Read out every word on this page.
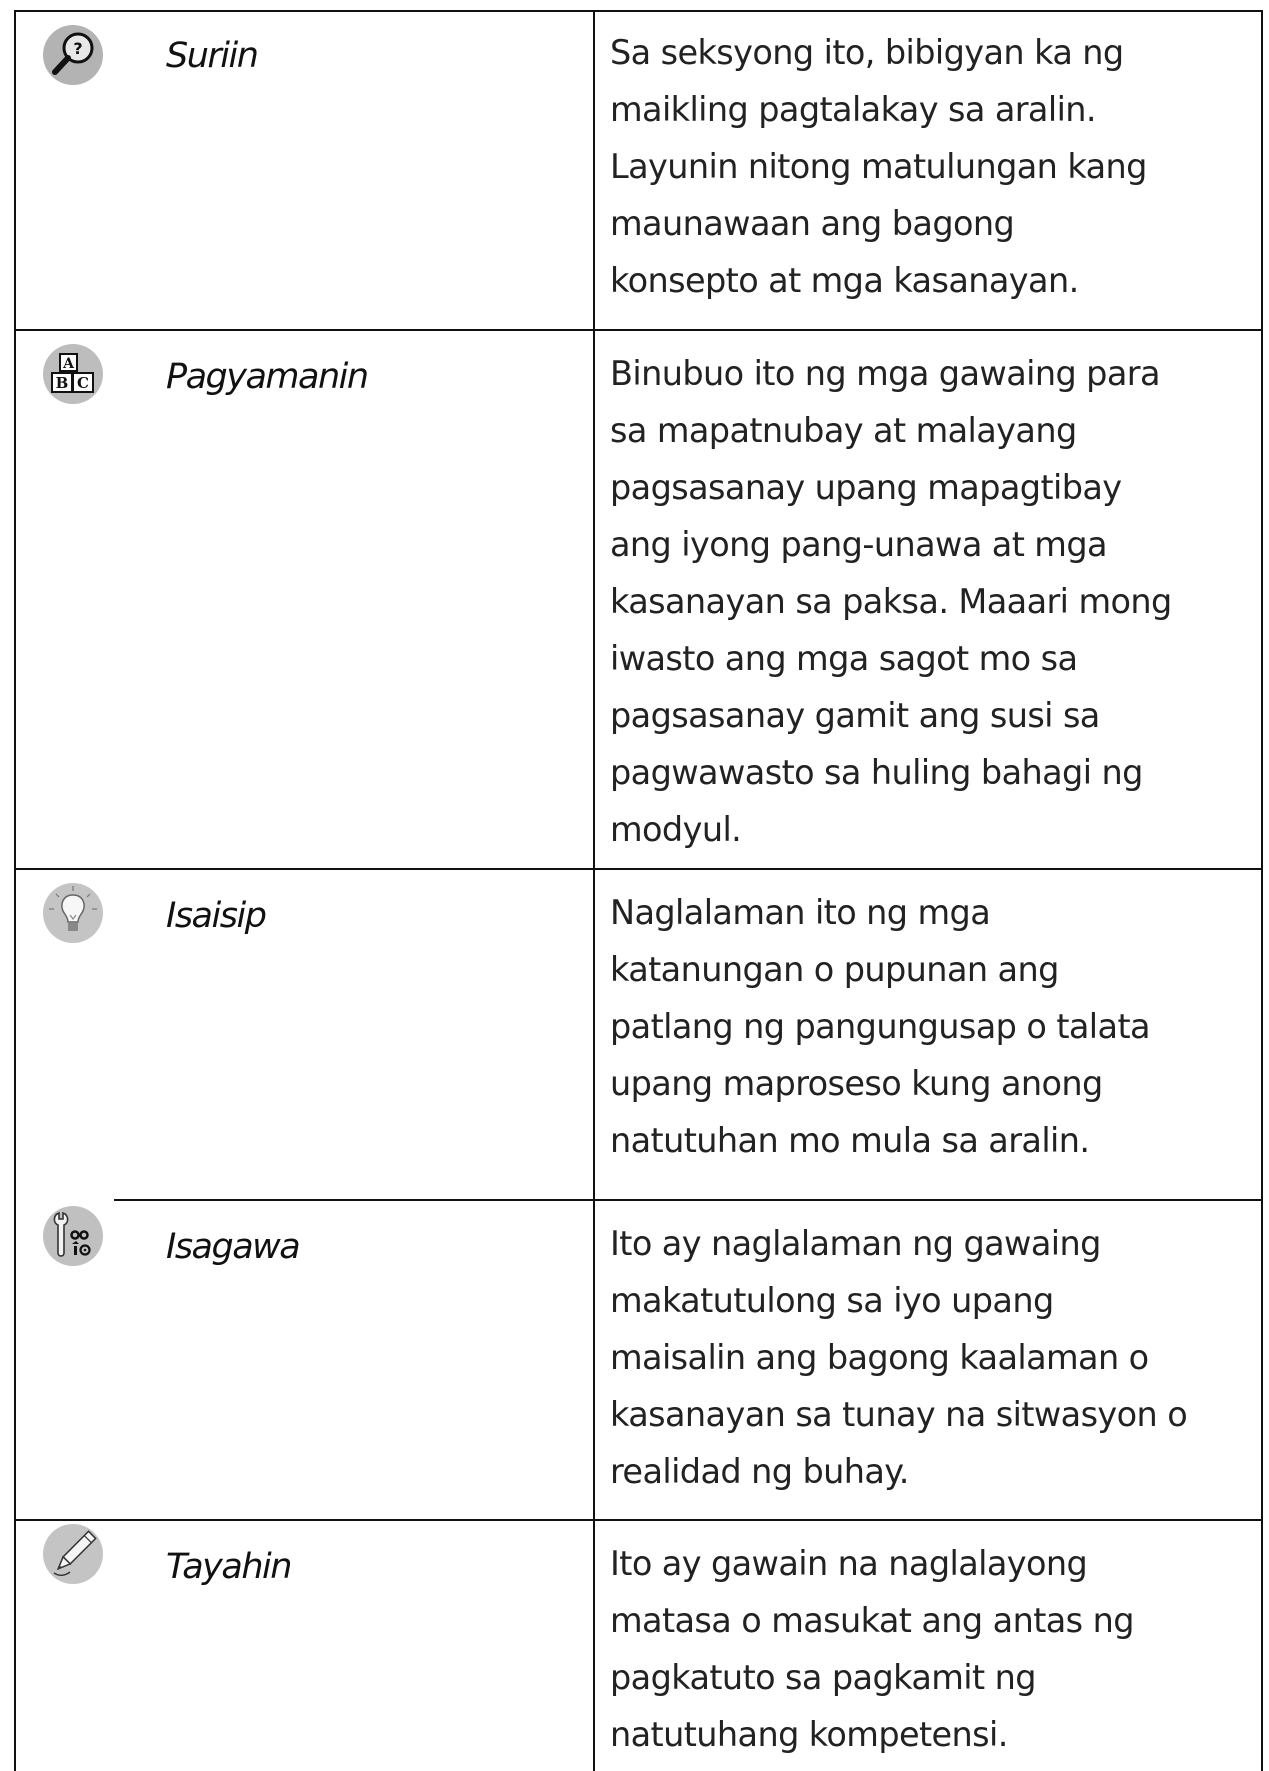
? Suriin	Sa seksyong ito, bibigyan ka ng
maikling pagtalakay sa aralin.
Layunin nitong matulungan kang
maunawaan ang bagong
konsepto at mga kasanayan.
A
B C Pagyamanin	Binubuo ito ng mga gawaing para
sa mapatnubay at malayang
pagsasanay upang mapagtibay
ang iyong pang-unawa at mga
kasanayan sa paksa. Maaari mong
iwasto ang mga sagot mo sa
pagsasanay gamit ang susi sa
pagwawasto sa huling bahagi ng
modyul.
Isaisip	Naglalaman ito ng mga
katanungan o pupunan ang
patlang ng pangungusap o talata
upang maproseso kung anong
natutuhan mo mula sa aralin.
Isagawa	Ito ay naglalaman ng gawaing
makatutulong sa iyo upang
maisalin ang bagong kaalaman o
kasanayan sa tunay na sitwasyon o
realidad ng buhay.
Tayahin	Ito ay gawain na naglalayong
matasa o masukat ang antas ng
pagkatuto sa pagkamit ng
natutuhang kompetensi.
